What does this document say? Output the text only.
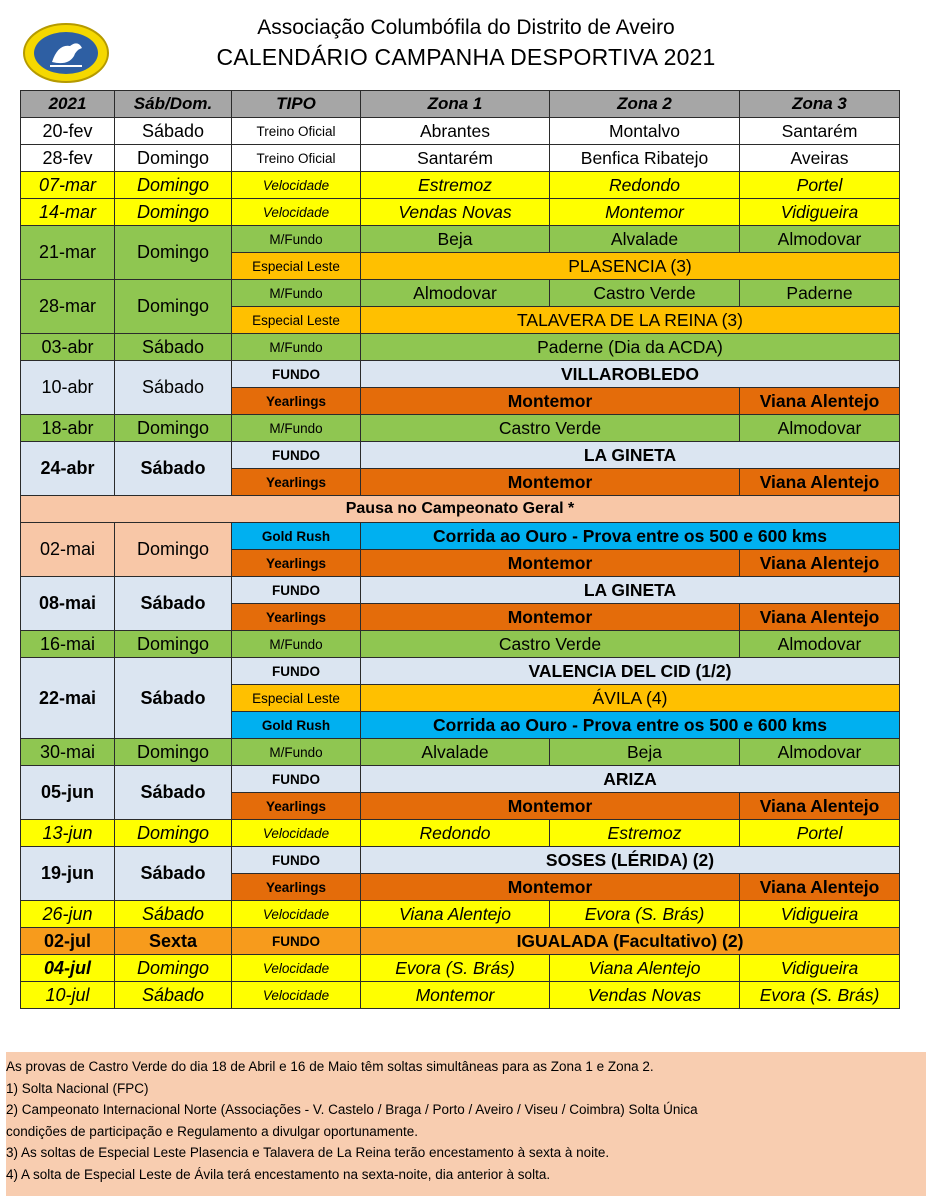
Associação Columbófila do Distrito de Aveiro
CALENDÁRIO CAMPANHA DESPORTIVA 2021
2021	Sáb/Dom.	TIPO	Zona 1	Zona 2	Zona 3
20-fev	Sábado	Treino Oficial	Abrantes	Montalvo	Santarém
28-fev	Domingo	Treino Oficial	Santarém	Benfica Ribatejo	Aveiras
07-mar	Domingo	Velocidade	Estremoz	Redondo	Portel
14-mar	Domingo	Velocidade	Vendas Novas	Montemor	Vidigueira
21-mar	Domingo	M/Fundo	Beja	Alvalade	Almodovar
		Especial Leste	PLASENCIA (3)		
28-mar	Domingo	M/Fundo	Almodovar	Castro Verde	Paderne
		Especial Leste	TALAVERA DE LA REINA (3)		
03-abr	Sábado	M/Fundo	Paderne (Dia da ACDA)		
10-abr	Sábado	FUNDO	VILLAROBLEDO		
		Yearlings	Montemor		Viana Alentejo
18-abr	Domingo	M/Fundo	Castro Verde		Almodovar
24-abr	Sábado	FUNDO	LA GINETA		
		Yearlings	Montemor		Viana Alentejo
Pausa no Campeonato Geral *					
02-mai	Domingo	Gold Rush	Corrida ao Ouro - Prova entre os 500 e 600 kms		
		Yearlings	Montemor		Viana Alentejo
08-mai	Sábado	FUNDO	LA GINETA		
		Yearlings	Montemor		Viana Alentejo
16-mai	Domingo	M/Fundo	Castro Verde		Almodovar
22-mai	Sábado	FUNDO	VALENCIA DEL CID (1/2)		
		Especial Leste	ÁVILA (4)		
		Gold Rush	Corrida ao Ouro - Prova entre os 500 e 600 kms		
30-mai	Domingo	M/Fundo	Alvalade	Beja	Almodovar
05-jun	Sábado	FUNDO	ARIZA		
		Yearlings	Montemor		Viana Alentejo
13-jun	Domingo	Velocidade	Redondo	Estremoz	Portel
19-jun	Sábado	FUNDO	SOSES (LÉRIDA) (2)		
		Yearlings	Montemor		Viana Alentejo
26-jun	Sábado	Velocidade	Viana Alentejo	Evora (S. Brás)	Vidigueira
02-jul	Sexta	FUNDO	IGUALADA (Facultativo) (2)		
04-jul	Domingo	Velocidade	Evora (S. Brás)	Viana Alentejo	Vidigueira
10-jul	Sábado	Velocidade	Montemor	Vendas Novas	Evora (S. Brás)
As provas de Castro Verde do dia 18 de Abril e 16 de Maio têm soltas simultâneas para as Zona 1 e Zona 2.
1) Solta Nacional (FPC)
2) Campeonato Internacional Norte (Associações - V. Castelo / Braga / Porto / Aveiro / Viseu / Coimbra) Solta Única
condições de participação e Regulamento a divulgar oportunamente.
3) As soltas de Especial Leste Plasencia e Talavera de La Reina terão encestamento à sexta à noite.
4) A solta de Especial Leste de Ávila terá encestamento na sexta-noite, dia anterior à solta.
